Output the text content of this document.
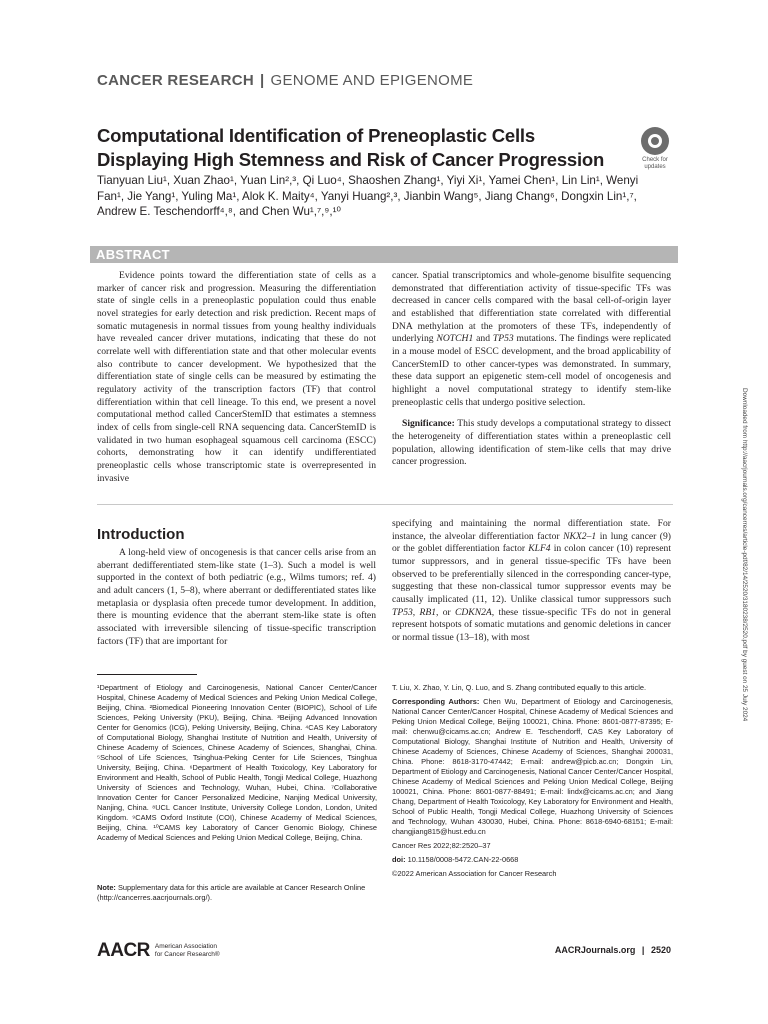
CANCER RESEARCH | GENOME AND EPIGENOME
Computational Identification of Preneoplastic Cells Displaying High Stemness and Risk of Cancer Progression	Check for
updates
Tianyuan Liu¹, Xuan Zhao¹, Yuan Lin²,³, Qi Luo⁴, Shaoshen Zhang¹, Yiyi Xi¹, Yamei Chen¹, Lin Lin¹, Wenyi Fan¹, Jie Yang¹, Yuling Ma¹, Alok K. Maity⁴, Yanyi Huang²,³, Jianbin Wang⁵, Jiang Chang⁶, Dongxin Lin¹,⁷, Andrew E. Teschendorff⁴,⁸, and Chen Wu¹,⁷,⁹,¹⁰
ABSTRACT

Evidence points toward the differentiation state of cells as a marker of cancer risk and progression. Measuring the differentiation state of single cells in a preneoplastic population could thus enable novel strategies for early detection and risk prediction. Recent maps of somatic mutagenesis in normal tissues from young healthy individuals have revealed cancer driver mutations, indicating that these do not correlate well with differentiation state and that other molecular events also contribute to cancer development. We hypothesized that the differentiation state of single cells can be measured by estimating the regulatory activity of the transcription factors (TF) that control differentiation within that cell lineage. To this end, we present a novel computational method called CancerStemID that estimates a stemness index of cells from single-cell RNA sequencing data. CancerStemID is validated in two human esophageal squamous cell carcinoma (ESCC) cohorts, demonstrating how it can identify undifferentiated preneoplastic cells whose transcriptomic state is overrepresented in invasive

cancer. Spatial transcriptomics and whole-genome bisulfite sequencing demonstrated that differentiation activity of tissue-specific TFs was decreased in cancer cells compared with the basal cell-of-origin layer and established that differentiation state correlated with differential DNA methylation at the promoters of these TFs, independently of underlying NOTCH1 and TP53 mutations. The findings were replicated in a mouse model of ESCC development, and the broad applicability of CancerStemID to other cancer-types was demonstrated. In summary, these data support an epigenetic stem-cell model of oncogenesis and highlight a novel computational strategy to identify stem-like preneoplastic cells that undergo positive selection.

Significance: This study develops a computational strategy to dissect the heterogeneity of differentiation states within a preneoplastic cell population, allowing identification of stem-like cells that may drive cancer progression.

Introduction

A long-held view of oncogenesis is that cancer cells arise from an aberrant dedifferentiated stem-like state (1–3). Such a model is well supported in the context of both pediatric (e.g., Wilms tumors; ref. 4) and adult cancers (1, 5–8), where aberrant or dedifferentiated states like metaplasia or dysplasia often precede tumor development. In addition, there is mounting evidence that the aberrant stem-like state is often associated with irreversible silencing of tissue-specific transcription factors (TF) that are important for

specifying and maintaining the normal differentiation state. For instance, the alveolar differentiation factor NKX2–1 in lung cancer (9) or the goblet differentiation factor KLF4 in colon cancer (10) represent tumor suppressors, and in general tissue-specific TFs have been observed to be preferentially silenced in the corresponding cancer-type, suggesting that these non-classical tumor suppressor events may be causally implicated (11, 12). Unlike classical tumor suppressors such TP53, RB1, or CDKN2A, these tissue-specific TFs do not in general represent hotspots of somatic mutations and genomic deletions in cancer or normal tissue (13–18), with most

¹Department of Etiology and Carcinogenesis, National Cancer Center/Cancer Hospital, Chinese Academy of Medical Sciences and Peking Union Medical College, Beijing, China. ²Biomedical Pioneering Innovation Center (BIOPIC), School of Life Sciences, Peking University (PKU), Beijing, China. ³Beijing Advanced Innovation Center for Genomics (ICG), Peking University, Beijing, China. ⁴CAS Key Laboratory of Computational Biology, Shanghai Institute of Nutrition and Health, University of Chinese Academy of Sciences, Chinese Academy of Sciences, Shanghai, China. ⁵School of Life Sciences, Tsinghua-Peking Center for Life Sciences, Tsinghua University, Beijing, China. ⁶Department of Health Toxicology, Key Laboratory for Environment and Health, School of Public Health, Tongji Medical College, Huazhong University of Sciences and Technology, Wuhan, Hubei, China. ⁷Collaborative Innovation Center for Cancer Personalized Medicine, Nanjing Medical University, Nanjing, China. ⁸UCL Cancer Institute, University College London, London, United Kingdom. ⁹CAMS Oxford Institute (COI), Chinese Academy of Medical Sciences, Beijing, China. ¹⁰CAMS key Laboratory of Cancer Genomic Biology, Chinese Academy of Medical Sciences and Peking Union Medical College, Beijing, China.
Note: Supplementary data for this article are available at Cancer Research Online (http://cancerres.aacrjournals.org/).

T. Liu, X. Zhao, Y. Lin, Q. Luo, and S. Zhang contributed equally to this article.

Corresponding Authors: Chen Wu, Department of Etiology and Carcinogenesis, National Cancer Center/Cancer Hospital, Chinese Academy of Medical Sciences and Peking Union Medical College, Beijing 100021, China. Phone: 8601-0877-87395; E-mail: chenwu@cicams.ac.cn; Andrew E. Teschendorff, CAS Key Laboratory of Computational Biology, Shanghai Institute of Nutrition and Health, University of Chinese Academy of Sciences, Chinese Academy of Sciences, Shanghai 200031, China. Phone: 8618-3170-47442; E-mail: andrew@picb.ac.cn; Dongxin Lin, Department of Etiology and Carcinogenesis, National Cancer Center/Cancer Hospital, Chinese Academy of Medical Sciences and Peking Union Medical College, Beijing 100021, China. Phone: 8601-0877-88491; E-mail: lindx@cicams.ac.cn; and Jiang Chang, Department of Health Toxicology, Key Laboratory for Environment and Health, School of Public Health, Tongji Medical College, Huazhong University of Sciences and Technology, Wuhan 430030, Hubei, China. Phone: 8618-6940-68151; E-mail: changjiang815@hust.edu.cn

Cancer Res 2022;82:2520–37

doi: 10.1158/0008-5472.CAN-22-0668

©2022 American Association for Cancer Research

AACR American Association
for Cancer Research®	AACRJournals.org | 2520
Downloaded from http://aacrjournals.org/cancerres/article-pdf/82/14/2520/3180238/2520.pdf by guest on 25 July 2024
